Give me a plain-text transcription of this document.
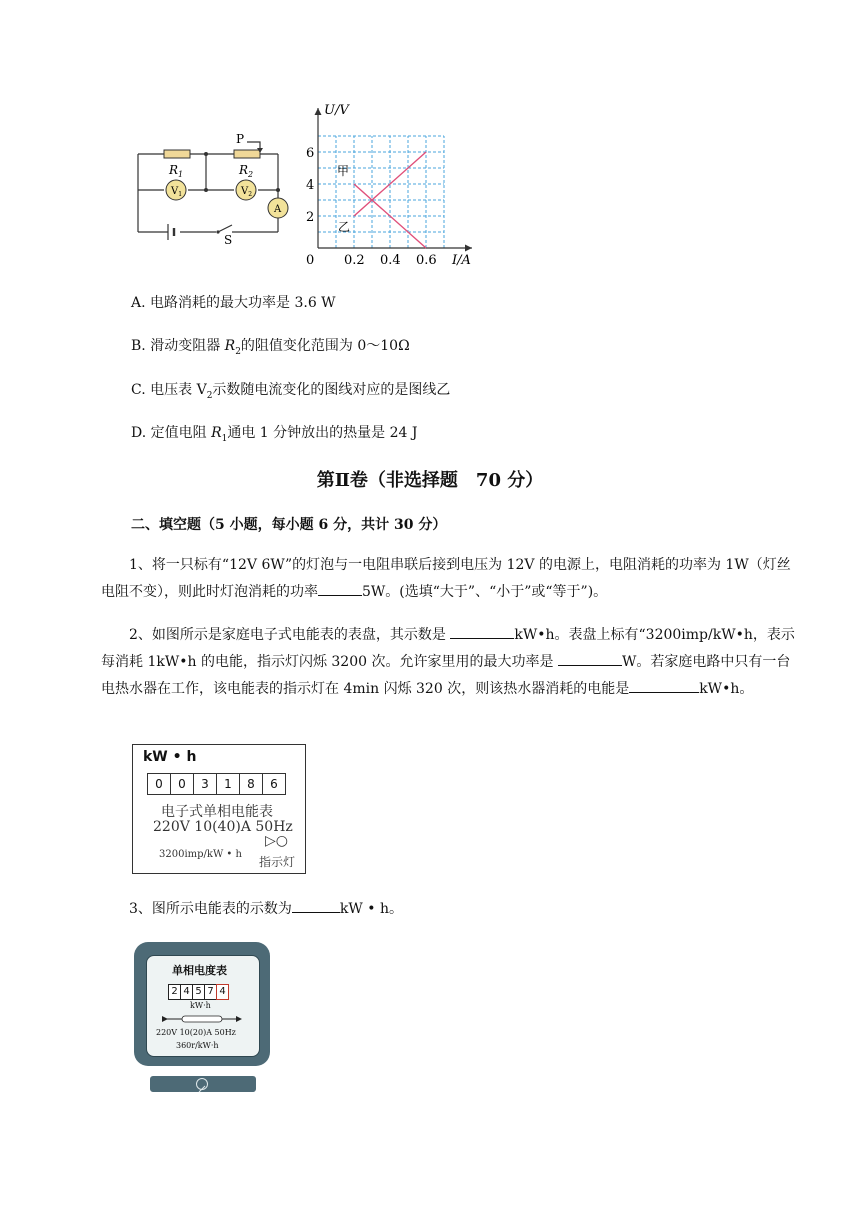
$R_1$	$R_2$
P
$V_1$	$V_2$
A
S
U/V
I/A
2
4
6
0 0.2 0.4 0.6
甲
乙
A. 电路消耗的最大功率是 3.6 W
B. 滑动变阻器 $R_2$的阻值变化范围为 0～10Ω
C. 电压表 $V_2$示数随电流变化的图线对应的是图线乙
D. 定值电阻 $R_1$通电 1 分钟放出的热量是 24 J
第Ⅱ卷（非选择题　70 分）
二、填空题（5 小题，每小题 6 分，共计 30 分）
1、将一只标有“12V 6W”的灯泡与一电阻串联后接到电压为 12V 的电源上，电阻消耗的功率为 1W（灯丝电阻不变），则此时灯泡消耗的功率	5W。(选填“大于”、“小于”或“等于”)。
2、如图所示是家庭电子式电能表的表盘，其示数是	kW•h。表盘上标有“3200imp/kW•h，表示每消耗 1kW•h 的电能，指示灯闪烁 3200 次。允许家里用的最大功率是	W。若家庭电路中只有一台电热水器在工作，该电能表的指示灯在 4min 闪烁 320 次，则该热水器消耗的电能是	kW•h。
kW • h
0	0	3	1	8	6
电子式单相电能表
220V 10(40)A 50Hz
3200imp/kW • h
▷○
指示灯
3、图所示电能表的示数为	kW • h。
单相电度表
2 4 5 7 4
kW·h
220V 10(20)A 50Hz
360r/kW·h
